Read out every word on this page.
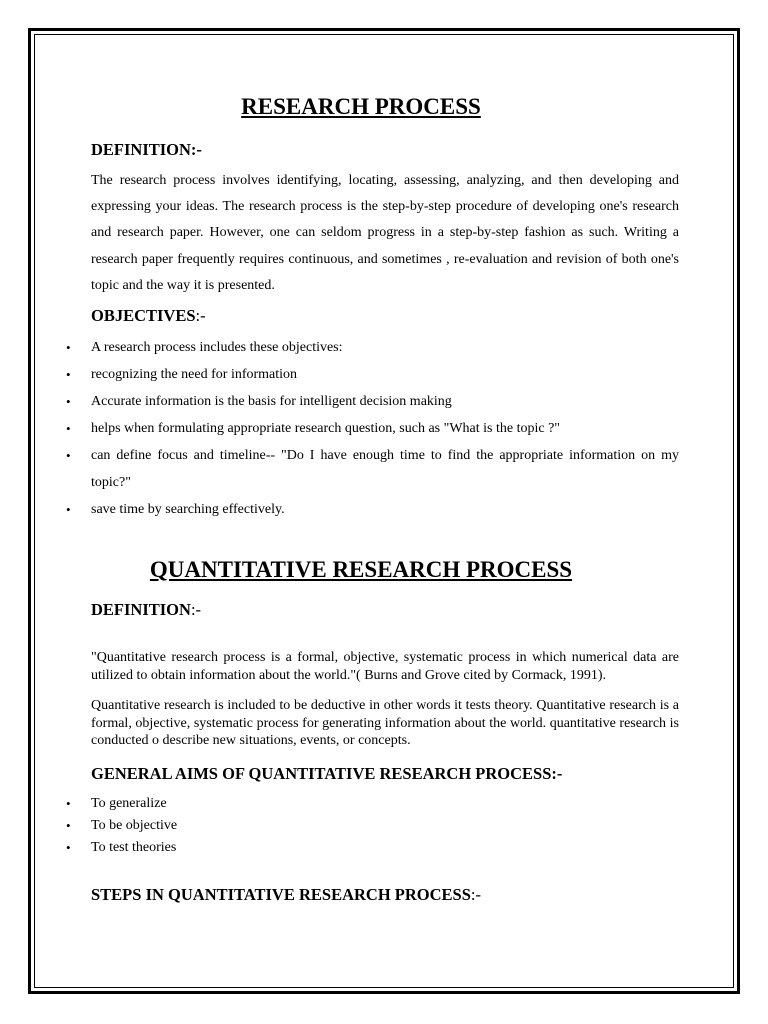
RESEARCH PROCESS

DEFINITION:-

The research process involves identifying, locating, assessing, analyzing, and then developing and expressing your ideas. The research process is the step-by-step procedure of developing one's research and research paper. However, one can seldom progress in a step-by-step fashion as such. Writing a research paper frequently requires continuous, and sometimes , re-evaluation and revision of both one's topic and the way it is presented.

OBJECTIVES:-

• A research process includes these objectives:
• recognizing the need for information
• Accurate information is the basis for intelligent decision making
• helps when formulating appropriate research question, such as "What is the topic ?"
• can define focus and timeline-- "Do I have enough time to find the appropriate information on my topic?"
• save time by searching effectively.
QUANTITATIVE RESEARCH PROCESS

DEFINITION:-

"Quantitative research process is a formal, objective, systematic process in which numerical data are utilized to obtain information about the world."( Burns and Grove cited by Cormack, 1991).

Quantitative research is included to be deductive in other words it tests theory. Quantitative research is a formal, objective, systematic process for generating information about the world. quantitative research is conducted o describe new situations, events, or concepts.

GENERAL AIMS OF QUANTITATIVE RESEARCH PROCESS:-

• To generalize
• To be objective
• To test theories

STEPS IN QUANTITATIVE RESEARCH PROCESS:-
